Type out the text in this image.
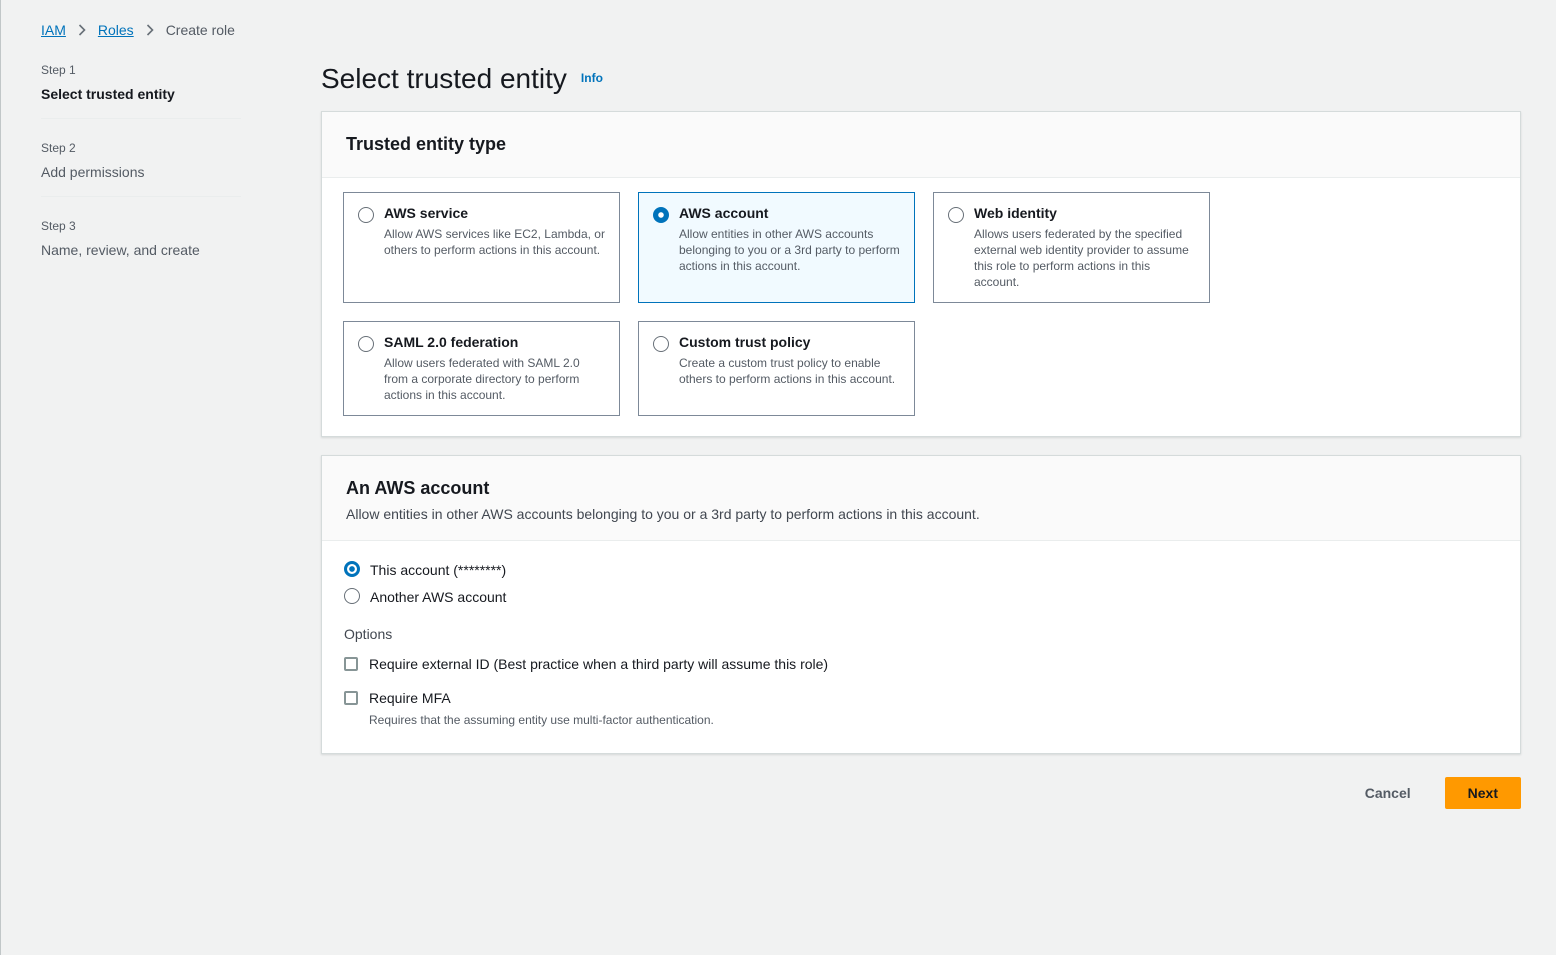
IAM Roles Create role
Step 1
Select trusted entity
Step 2
Add permissions
Step 3
Name, review, and create
Select trusted entity $^{Info}$
Trusted entity type
AWS service
Allow AWS services like EC2, Lambda, or others to perform actions in this account.
AWS account
Allow entities in other AWS accounts belonging to you or a 3rd party to perform actions in this account.
Web identity
Allows users federated by the specified external web identity provider to assume this role to perform actions in this account.
SAML 2.0 federation
Allow users federated with SAML 2.0 from a corporate directory to perform actions in this account.
Custom trust policy
Create a custom trust policy to enable others to perform actions in this account.
An AWS account
Allow entities in other AWS accounts belonging to you or a 3rd party to perform actions in this account.
This account (********)
Another AWS account
Options
Require external ID (Best practice when a third party will assume this role)
Require MFA
Requires that the assuming entity use multi-factor authentication.
Cancel	Next
